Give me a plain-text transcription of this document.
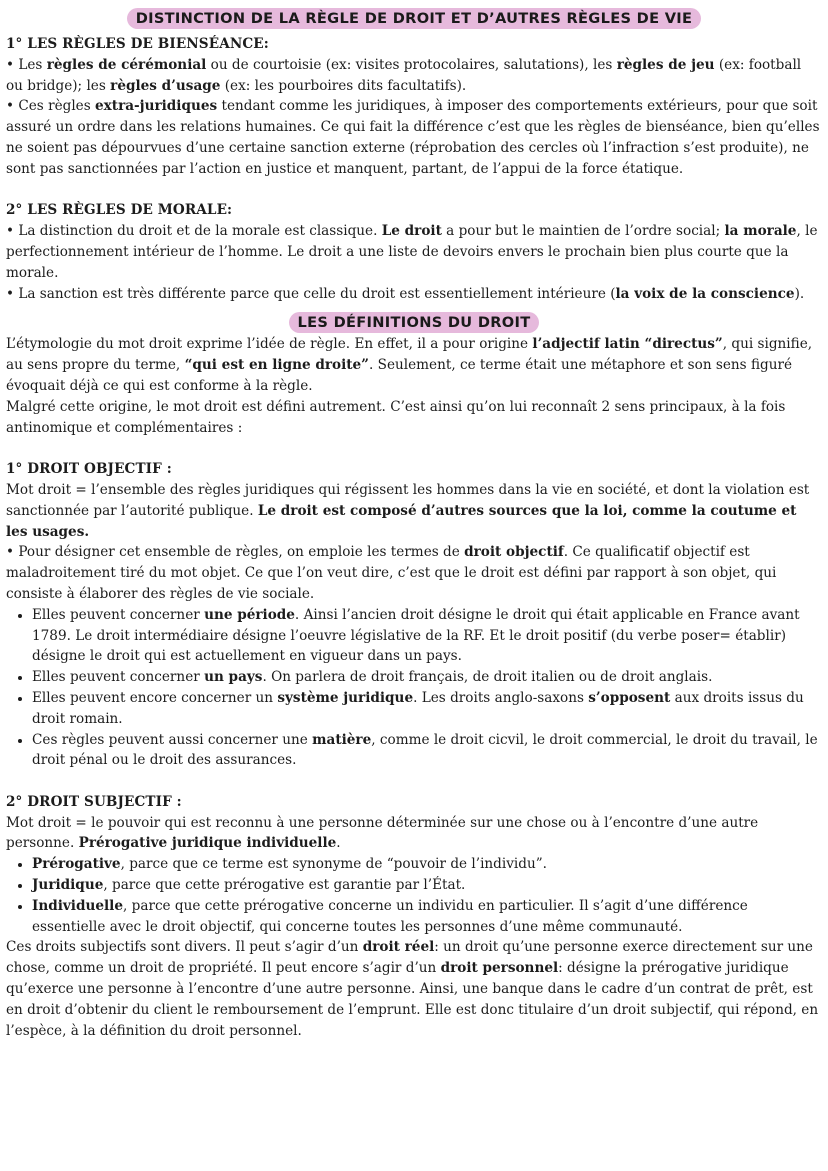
DISTINCTION DE LA RÈGLE DE DROIT ET D’AUTRES RÈGLES DE VIE
1° LES RÈGLES DE BIENSÉANCE:

• Les règles de cérémonial ou de courtoisie (ex: visites protocolaires, salutations), les règles de jeu (ex: football ou bridge); les règles d’usage (ex: les pourboires dits facultatifs).

• Ces règles extra-juridiques tendant comme les juridiques, à imposer des comportements extérieurs, pour que soit assuré un ordre dans les relations humaines. Ce qui fait la différence c’est que les règles de bienséance, bien qu’elles ne soient pas dépourvues d’une certaine sanction externe (réprobation des cercles où l’infraction s’est produite), ne sont pas sanctionnées par l’action en justice et manquent, partant, de l’appui de la force étatique.

2° LES RÈGLES DE MORALE:

• La distinction du droit et de la morale est classique. Le droit a pour but le maintien de l’ordre social; la morale, le perfectionnement intérieur de l’homme. Le droit a une liste de devoirs envers le prochain bien plus courte que la morale.

• La sanction est très différente parce que celle du droit est essentiellement intérieure (la voix de la conscience).

LES DÉFINITIONS DU DROIT

L’étymologie du mot droit exprime l’idée de règle. En effet, il a pour origine l’adjectif latin “directus”, qui signifie, au sens propre du terme, “qui est en ligne droite”. Seulement, ce terme était une métaphore et son sens figuré évoquait déjà ce qui est conforme à la règle.

Malgré cette origine, le mot droit est défini autrement. C’est ainsi qu’on lui reconnaît 2 sens principaux, à la fois antinomique et complémentaires :

1° DROIT OBJECTIF :

Mot droit = l’ensemble des règles juridiques qui régissent les hommes dans la vie en société, et dont la violation est sanctionnée par l’autorité publique. Le droit est composé d’autres sources que la loi, comme la coutume et les usages.

• Pour désigner cet ensemble de règles, on emploie les termes de droit objectif. Ce qualificatif objectif est maladroitement tiré du mot objet. Ce que l’on veut dire, c’est que le droit est défini par rapport à son objet, qui consiste à élaborer des règles de vie sociale.

• Elles peuvent concerner une période. Ainsi l’ancien droit désigne le droit qui était applicable en France avant 1789. Le droit intermédiaire désigne l’oeuvre législative de la RF. Et le droit positif (du verbe poser= établir) désigne le droit qui est actuellement en vigueur dans un pays.
• Elles peuvent concerner un pays. On parlera de droit français, de droit italien ou de droit anglais.
• Elles peuvent encore concerner un système juridique. Les droits anglo-saxons s’opposent aux droits issus du droit romain.
• Ces règles peuvent aussi concerner une matière, comme le droit cicvil, le droit commercial, le droit du travail, le droit pénal ou le droit des assurances.
2° DROIT SUBJECTIF :

Mot droit = le pouvoir qui est reconnu à une personne déterminée sur une chose ou à l’encontre d’une autre personne. Prérogative juridique individuelle.

• Prérogative, parce que ce terme est synonyme de “pouvoir de l’individu”.
• Juridique, parce que cette prérogative est garantie par l’État.
• Individuelle, parce que cette prérogative concerne un individu en particulier. Il s’agit d’une différence essentielle avec le droit objectif, qui concerne toutes les personnes d’une même communauté.

Ces droits subjectifs sont divers. Il peut s’agir d’un droit réel: un droit qu’une personne exerce directement sur une chose, comme un droit de propriété. Il peut encore s’agir d’un droit personnel: désigne la prérogative juridique qu’exerce une personne à l’encontre d’une autre personne. Ainsi, une banque dans le cadre d’un contrat de prêt, est en droit d’obtenir du client le remboursement de l’emprunt. Elle est donc titulaire d’un droit subjectif, qui répond, en l’espèce, à la définition du droit personnel.
